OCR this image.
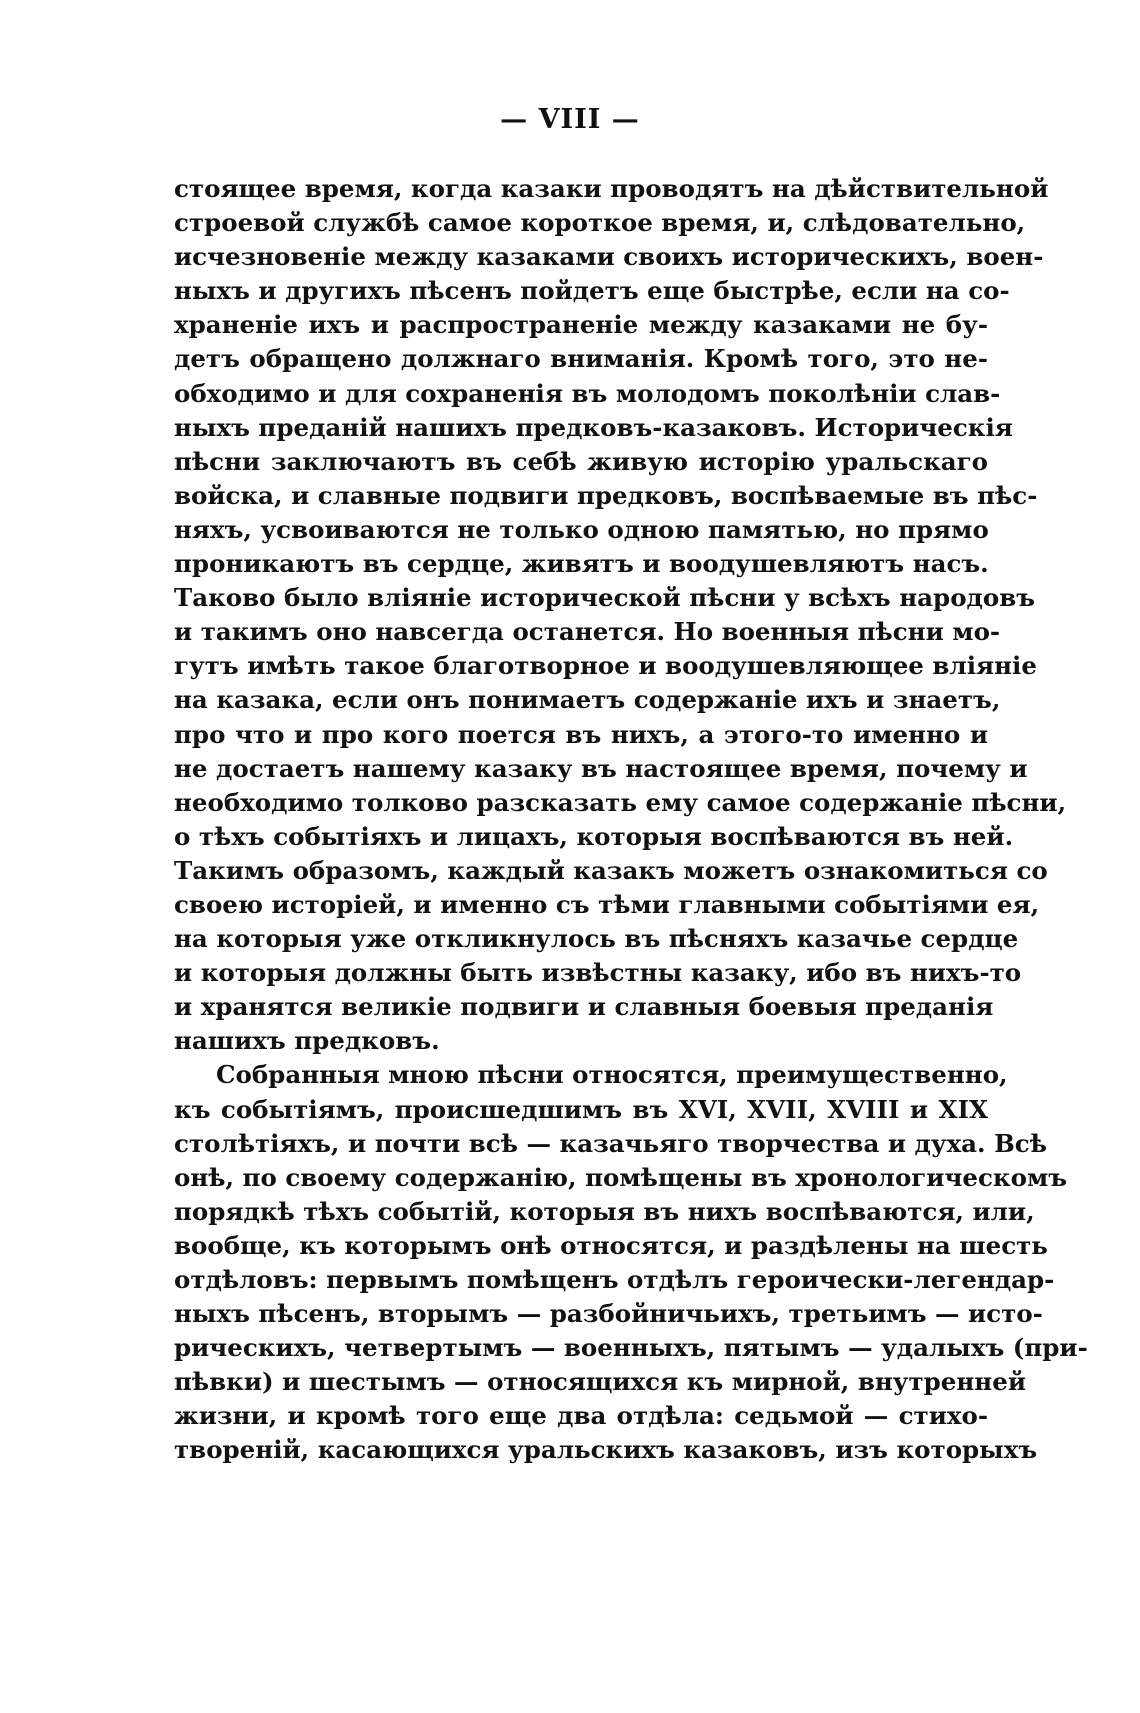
— VIII —
стоящее время, когда казаки проводятъ на дѣйствительной
строевой службѣ самое короткое время, и, слѣдовательно,
исчезновеніе между казаками своихъ историческихъ, воен-
ныхъ и другихъ пѣсенъ пойдетъ еще быстрѣе, если на со-
храненіе ихъ и распространеніе между казаками не бу-
детъ обращено должнаго вниманія. Кромѣ того, это не-
обходимо и для сохраненія въ молодомъ поколѣніи слав-
ныхъ преданій нашихъ предковъ-казаковъ. Историческія
пѣсни заключаютъ въ себѣ живую исторію уральскаго
войска, и славные подвиги предковъ, воспѣваемые въ пѣс-
няхъ, усвоиваются не только одною памятью, но прямо
проникаютъ въ сердце, живятъ и воодушевляютъ насъ.
Таково было вліяніе исторической пѣсни у всѣхъ народовъ
и такимъ оно навсегда останется. Но военныя пѣсни мо-
гутъ имѣть такое благотворное и воодушевляющее вліяніе
на казака, если онъ понимаетъ содержаніе ихъ и знаетъ,
про что и про кого поется въ нихъ, а этого-то именно и
не достаетъ нашему казаку въ настоящее время, почему и
необходимо толково разсказать ему самое содержаніе пѣсни,
о тѣхъ событіяхъ и лицахъ, которыя воспѣваются въ ней.
Такимъ образомъ, каждый казакъ можетъ ознакомиться со
своею исторіей, и именно съ тѣми главными событіями ея,
на которыя уже откликнулось въ пѣсняхъ казачье сердце
и которыя должны быть извѣстны казаку, ибо въ нихъ-то
и хранятся великіе подвиги и славныя боевыя преданія
нашихъ предковъ.
Собранныя мною пѣсни относятся, преимущественно,
къ событіямъ, происшедшимъ въ XVI, XVII, XVIII и XIX
столѣтіяхъ, и почти всѣ — казачьяго творчества и духа. Всѣ
онѣ, по своему содержанію, помѣщены въ хронологическомъ
порядкѣ тѣхъ событій, которыя въ нихъ воспѣваются, или,
вообще, къ которымъ онѣ относятся, и раздѣлены на шесть
отдѣловъ: первымъ помѣщенъ отдѣлъ героически-легендар-
ныхъ пѣсенъ, вторымъ — разбойничьихъ, третьимъ — исто-
рическихъ, четвертымъ — военныхъ, пятымъ — удалыхъ (при-
пѣвки) и шестымъ — относящихся къ мирной, внутренней
жизни, и кромѣ того еще два отдѣла: седьмой — стихо-
твореній, касающихся уральскихъ казаковъ, изъ которыхъ
